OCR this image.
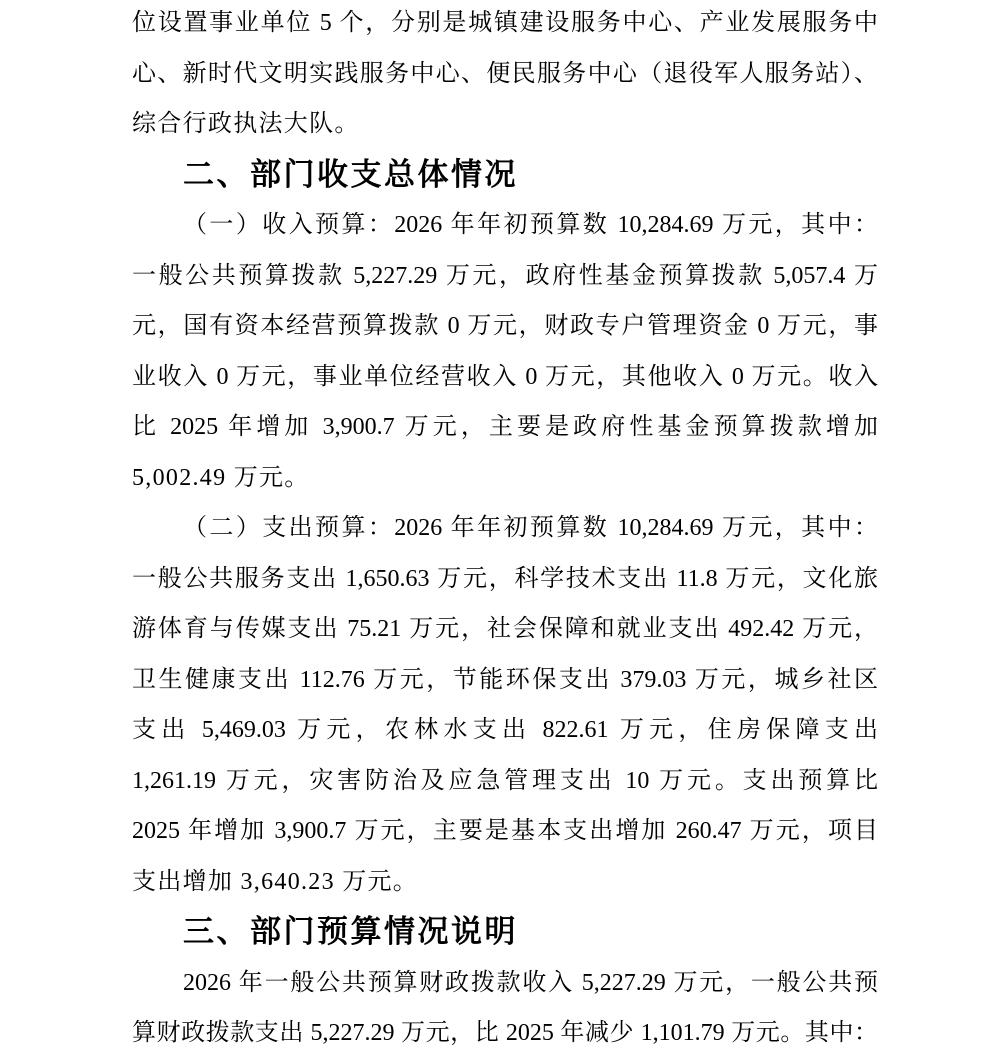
位设置事业单位 5 个，分别是城镇建设服务中心、产业发展服务中
心、新时代文明实践服务中心、便民服务中心（退役军人服务站）、
综合行政执法大队。
二、部门收支总体情况
（一）收入预算：2026 年年初预算数 10,284.69 万元，其中：
一般公共预算拨款 5,227.29 万元，政府性基金预算拨款 5,057.4 万
元，国有资本经营预算拨款 0 万元，财政专户管理资金 0 万元，事
业收入 0 万元，事业单位经营收入 0 万元，其他收入 0 万元。收入
比 2025 年增加 3,900.7 万元，主要是政府性基金预算拨款增加
5,002.49 万元。
（二）支出预算：2026 年年初预算数 10,284.69 万元，其中：
一般公共服务支出 1,650.63 万元，科学技术支出 11.8 万元，文化旅
游体育与传媒支出 75.21 万元，社会保障和就业支出 492.42 万元，
卫生健康支出 112.76 万元，节能环保支出 379.03 万元，城乡社区
支出 5,469.03 万元，农林水支出 822.61 万元，住房保障支出
1,261.19 万元，灾害防治及应急管理支出 10 万元。支出预算比
2025 年增加 3,900.7 万元，主要是基本支出增加 260.47 万元，项目
支出增加 3,640.23 万元。
三、部门预算情况说明
2026 年一般公共预算财政拨款收入 5,227.29 万元，一般公共预
算财政拨款支出 5,227.29 万元，比 2025 年减少 1,101.79 万元。其中：
